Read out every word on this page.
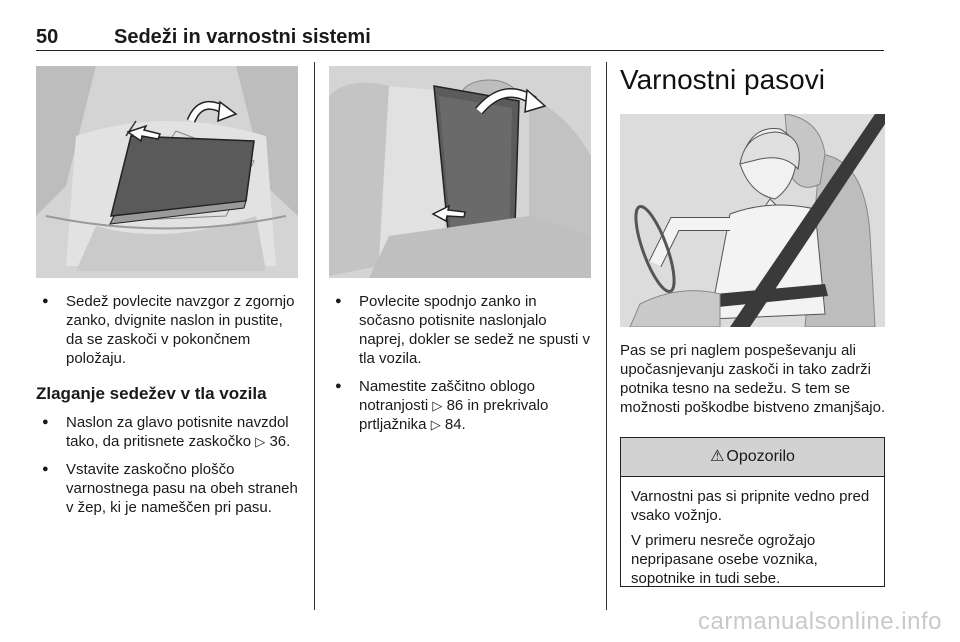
50	Sedeži in varnostni sistemi
● Sedež povlecite navzgor z zgornjo zanko, dvignite naslon in pustite, da se zaskoči v pokončnem položaju.
Zlaganje sedežev v tla vozila
● Naslon za glavo potisnite navzdol tako, da pritisnete zaskočko ▷ 36.
● Vstavite zaskočno ploščo varnostnega pasu na obeh straneh v žep, ki je nameščen pri pasu.
● Povlecite spodnjo zanko in sočasno potisnite naslonjalo naprej, dokler se sedež ne spusti v tla vozila.
● Namestite zaščitno oblogo notranjosti ▷ 86 in prekrivalo prtljažnika ▷ 84.
Varnostni pasovi
Pas se pri naglem pospeševanju ali upočasnjevanju zaskoči in tako zadrži potnika tesno na sedežu. S tem se možnosti poškodbe bistveno zmanjšajo.
⚠ Opozorilo

Varnostni pas si pripnite vedno pred vsako vožnjo.

V primeru nesreče ogrožajo nepripasane osebe voznika, sopotnike in tudi sebe.

carmanualsonline.info
